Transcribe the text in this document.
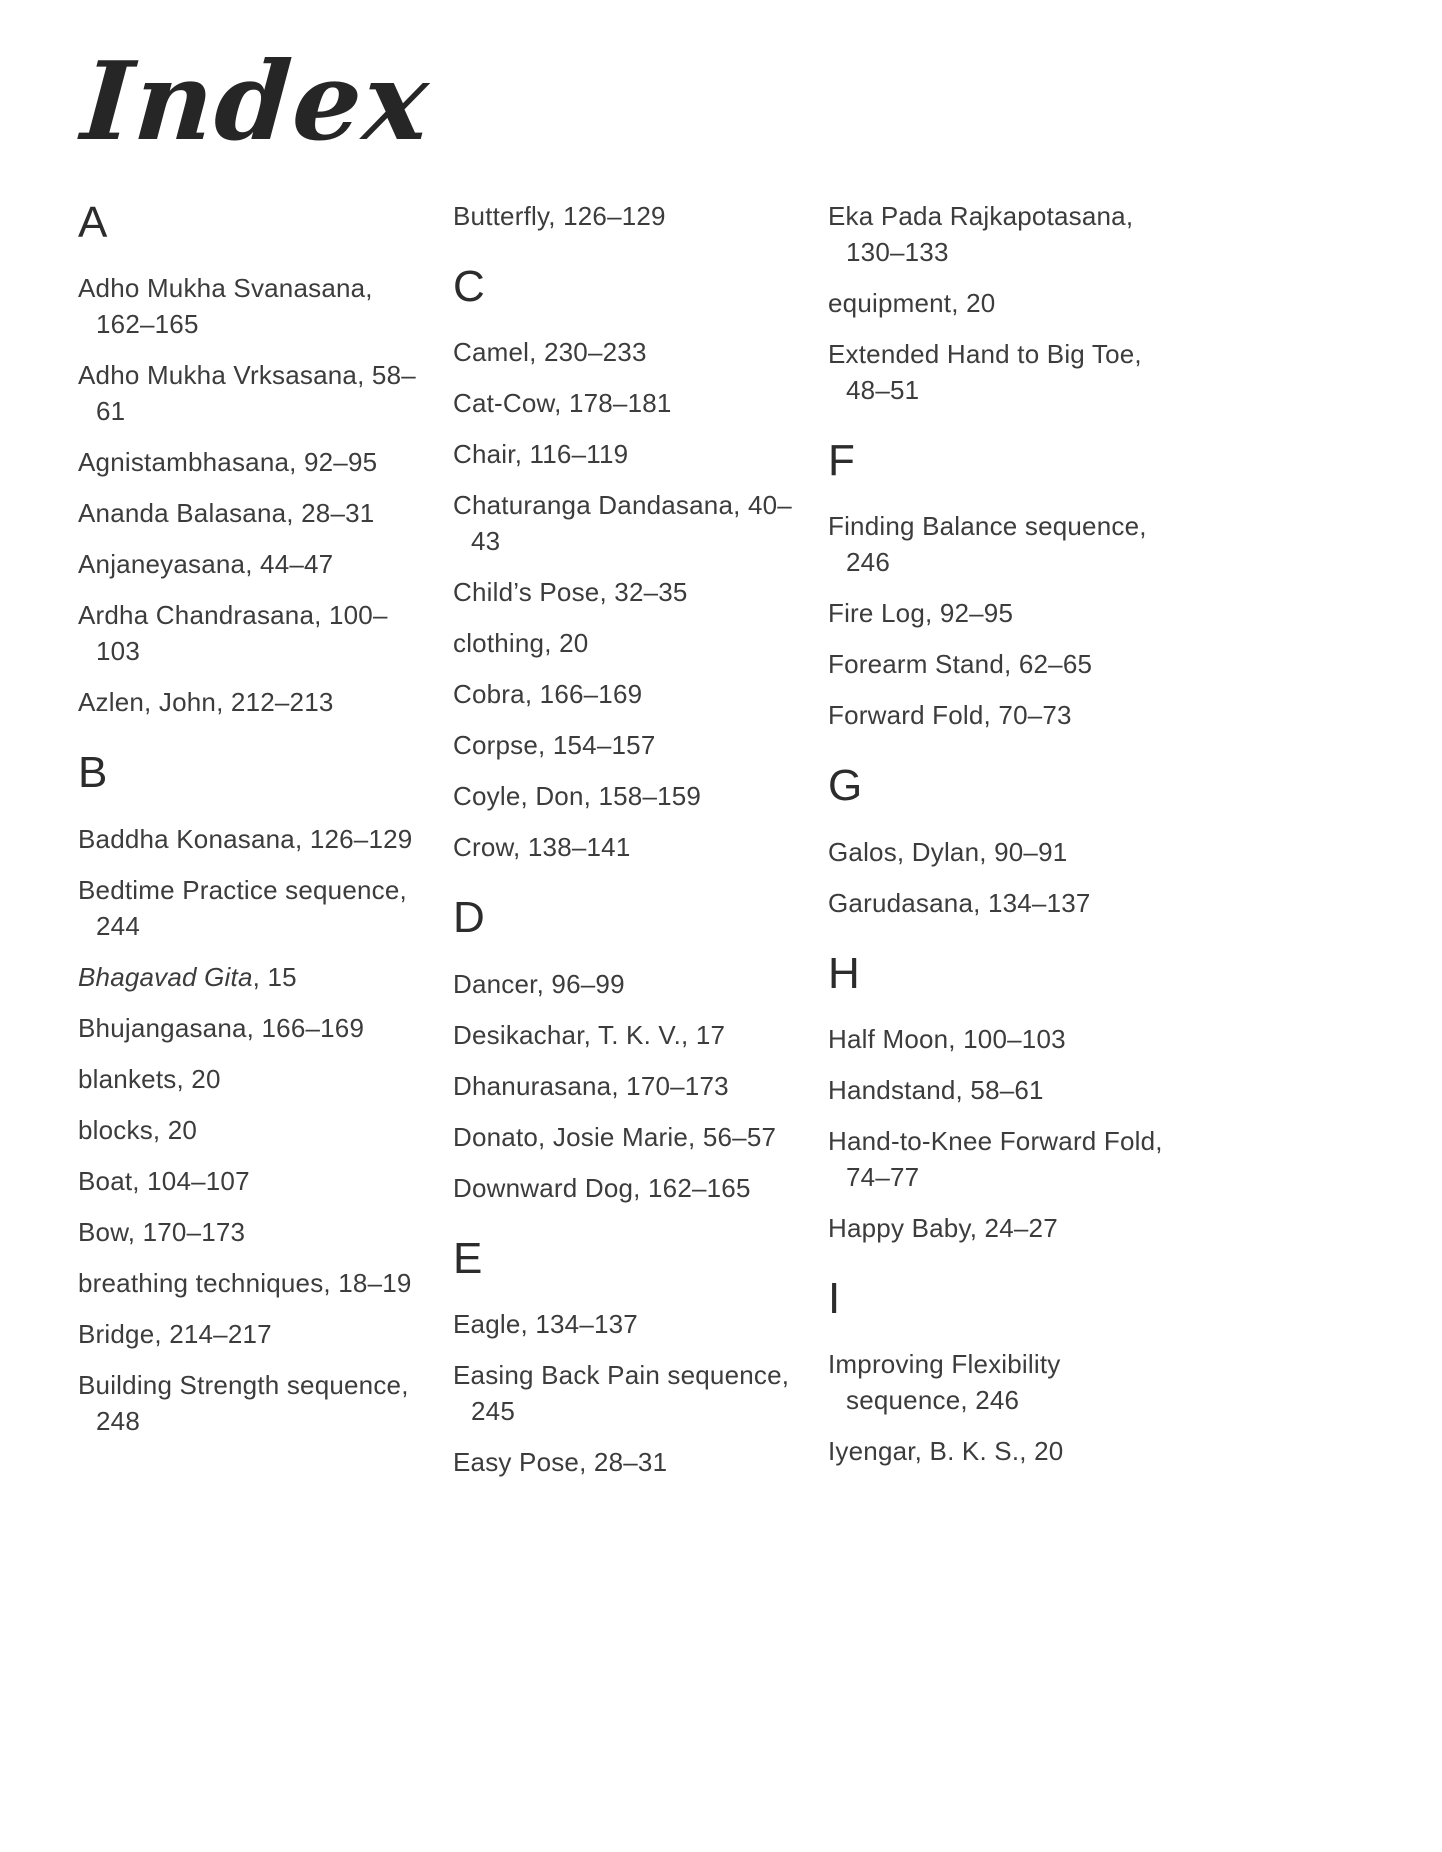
Index
A
Adho Mukha Svanasana, 162–165
Adho Mukha Vrksasana, 58–61
Agnistambhasana, 92–95
Ananda Balasana, 28–31
Anjaneyasana, 44–47
Ardha Chandrasana, 100–103
Azlen, John, 212–213
B
Baddha Konasana, 126–129
Bedtime Practice sequence, 244
Bhagavad Gita, 15
Bhujangasana, 166–169
blankets, 20
blocks, 20
Boat, 104–107
Bow, 170–173
breathing techniques, 18–19
Bridge, 214–217
Building Strength sequence, 248
Butterfly, 126–129
C
Camel, 230–233
Cat-Cow, 178–181
Chair, 116–119
Chaturanga Dandasana, 40–43
Child’s Pose, 32–35
clothing, 20
Cobra, 166–169
Corpse, 154–157
Coyle, Don, 158–159
Crow, 138–141
D
Dancer, 96–99
Desikachar, T. K. V., 17
Dhanurasana, 170–173
Donato, Josie Marie, 56–57
Downward Dog, 162–165
E
Eagle, 134–137
Easing Back Pain sequence, 245
Easy Pose, 28–31
Eka Pada Rajkapotasana, 130–133
equipment, 20
Extended Hand to Big Toe, 48–51
F
Finding Balance sequence, 246
Fire Log, 92–95
Forearm Stand, 62–65
Forward Fold, 70–73
G
Galos, Dylan, 90–91
Garudasana, 134–137
H
Half Moon, 100–103
Handstand, 58–61
Hand-to-Knee Forward Fold, 74–77
Happy Baby, 24–27
I
Improving Flexibility sequence, 246
Iyengar, B. K. S., 20
